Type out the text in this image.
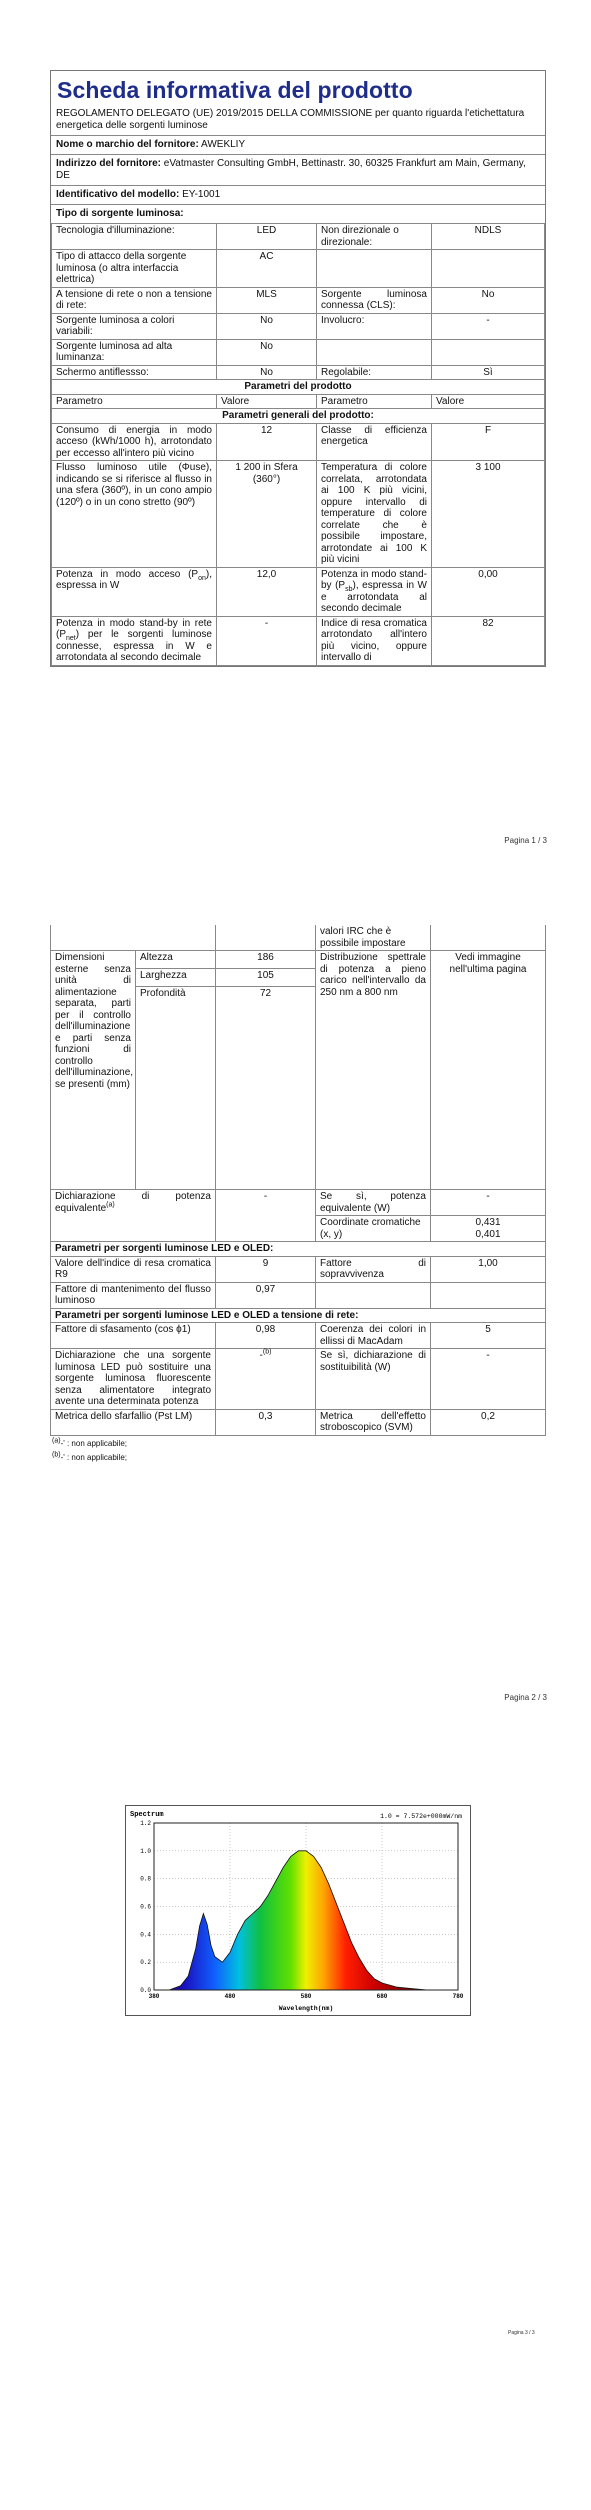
Scheda informativa del prodotto
REGOLAMENTO DELEGATO (UE) 2019/2015 DELLA COMMISSIONE per quanto riguarda l'etichettatura energetica delle sorgenti luminose
Nome o marchio del fornitore: AWEKLIY
Indirizzo del fornitore: eVatmaster Consulting GmbH, Bettinastr. 30, 60325 Frankfurt am Main, Germany, DE
Identificativo del modello: EY-1001
Tipo di sorgente luminosa:
Tecnologia d'illuminazione:	LED	Non direzionale o direzionale:	NDLS
Tipo di attacco della sorgente luminosa (o altra interfaccia elettrica)	AC		
A tensione di rete o non a tensione di rete:	MLS	Sorgente luminosa connessa (CLS):	No
Sorgente luminosa a colori variabili:	No	Involucro:	-
Sorgente luminosa ad alta luminanza:	No		
Schermo antiflessso:	No	Regolabile:	Sì
Parametri del prodotto			
Parametro	Valore	Parametro	Valore
Parametri generali del prodotto:			
Consumo di energia in modo acceso (kWh/1000 h), arrotondato per eccesso all'intero più vicino	12	Classe di efficienza energetica	F
Flusso luminoso utile (Φuse), indicando se si riferisce al flusso in una sfera (360º), in un cono ampio (120º) o in un cono stretto (90º)	1 200 in Sfera (360°)	Temperatura di colore correlata, arrotondata ai 100 K più vicini, oppure intervallo di temperature di colore correlate che è possibile impostare, arrotondate ai 100 K più vicini	3 100
Potenza in modo acceso $(P_{on})$, espressa in W	12,0	Potenza in modo stand-by $(P_{sb})$, espressa in W e arrotondata al secondo decimale	0,00
Potenza in modo stand-by in rete $(P_{net})$ per le sorgenti luminose connesse, espressa in W e arrotondata al secondo decimale	-	Indice di resa cromatica arrotondato all'intero più vicino, oppure intervallo di	82
Pagina 1 / 3
			valori IRC che è possibile impostare	
Dimensioni esterne senza unità di alimentazione separata, parti per il controllo dell'illuminazione e parti senza funzioni di controllo dell'illuminazione, se presenti (mm)	Altezza	186	Distribuzione spettrale di potenza a pieno carico nell'intervallo da 250 nm a 800 nm	Vedi immagine nell'ultima pagina
	Larghezza	105		
	Profondità	72		
Dichiarazione di potenza equivalente$^{(a)}$		-	Se sì, potenza equivalente (W)	-
			Coordinate cromatiche (x, y)	0,431
0,401

Parametri per sorgenti luminose LED e OLED:				
Valore dell'indice di resa cromatica R9		9	Fattore di sopravvivenza	1,00
Fattore di mantenimento del flusso luminoso		0,97		
Parametri per sorgenti luminose LED e OLED a tensione di rete:				
Fattore di sfasamento (cos ϕ1)		0,98	Coerenza dei colori in ellissi di MacAdam	5
Dichiarazione che una sorgente luminosa LED può sostituire una sorgente luminosa fluorescente senza alimentatore integrato avente una determinata potenza		-$^{(b)}$	Se sì, dichiarazione di sostituibilità (W)	-
Metrica dello sfarfallio (Pst LM)		0,3	Metrica dell'effetto stroboscopico (SVM)	0,2
$^{(a)}$-' : non applicabile;
$^{(b)}$-' : non applicabile;
Pagina 2 / 3
0.0
0.2
0.4
0.6
0.8
1.0
1.2
380	480	580	680	780
Spectrum	1.0 = 7.572e+000mW/nm
Wavelength(nm)
Pagina 3 / 3
